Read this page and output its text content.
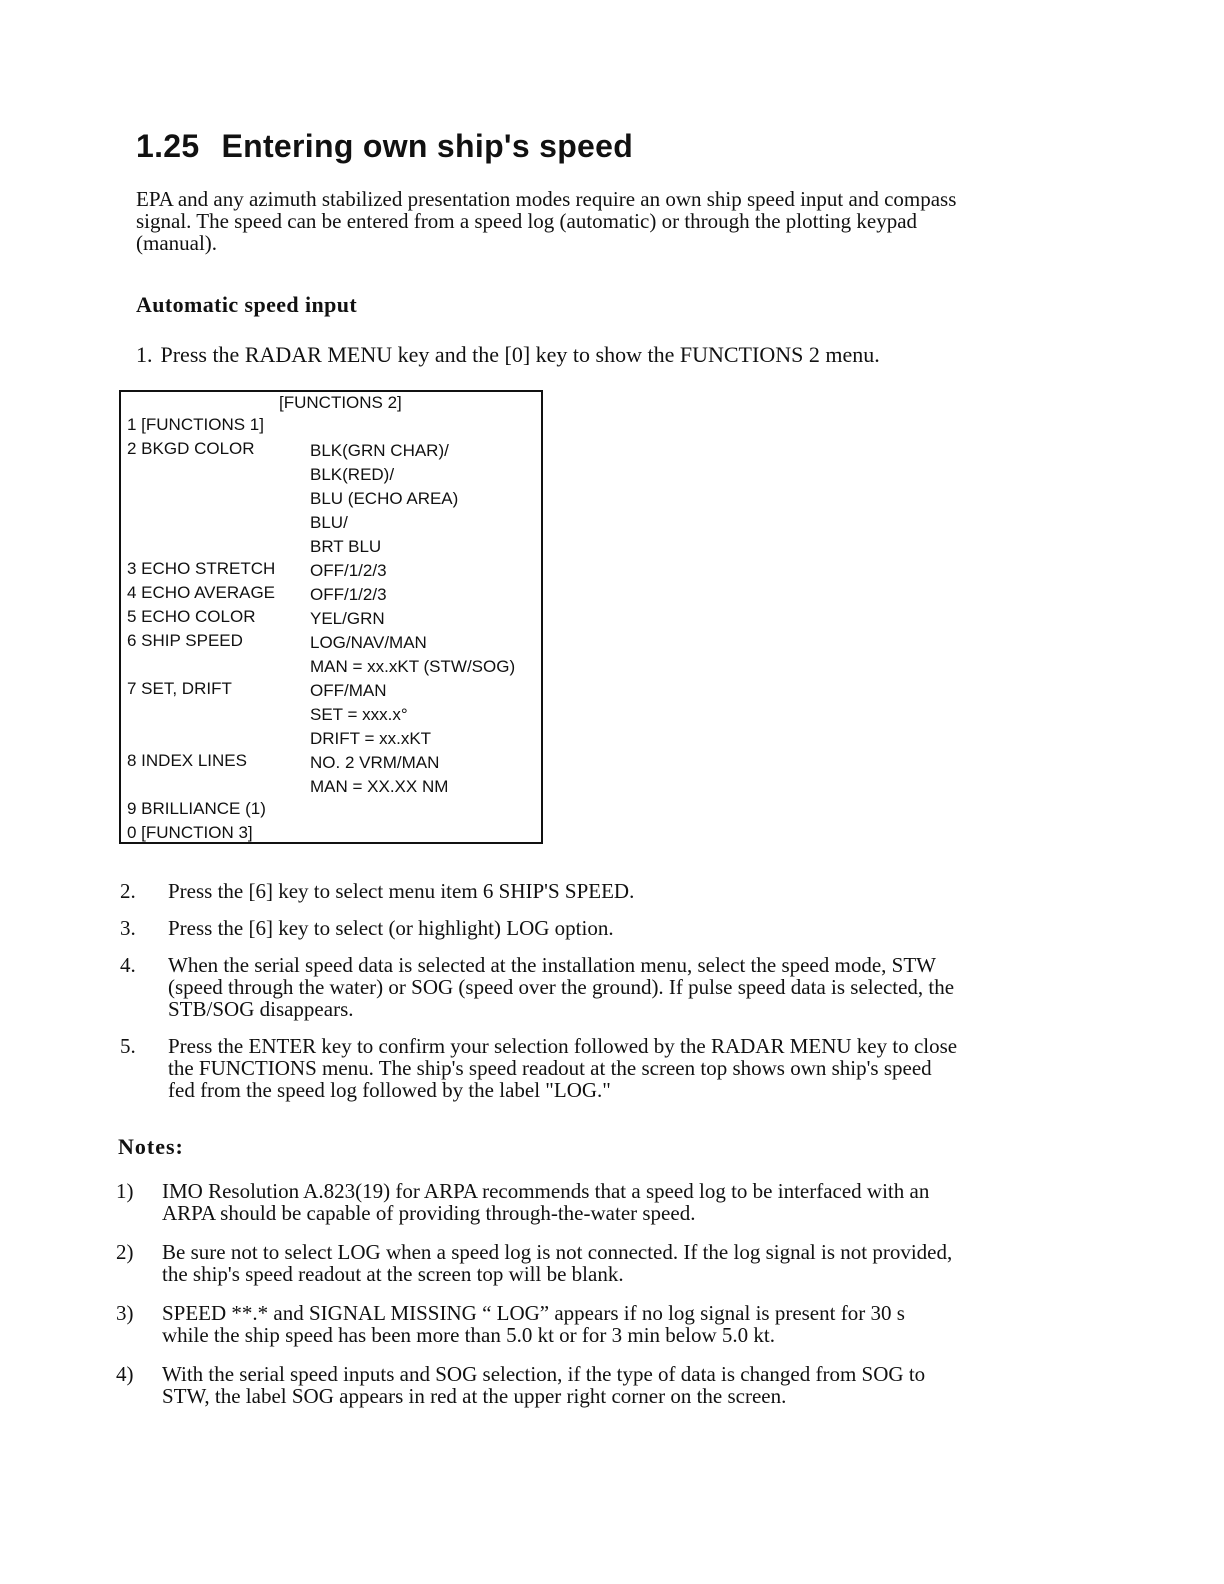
1.25 Entering own ship's speed
EPA and any azimuth stabilized presentation modes require an own ship speed input and compass
signal. The speed can be entered from a speed log (automatic) or through the plotting keypad
(manual).
Automatic speed input
1. Press the RADAR MENU key and the [0] key to show the FUNCTIONS 2 menu.
[FUNCTIONS 2]
1 [FUNCTIONS 1]
2 BKGD COLOR	BLK(GRN CHAR)/
BLK(RED)/
BLU (ECHO AREA)
BLU/
BRT BLU
3 ECHO STRETCH OFF/1/2/3
4 ECHO AVERAGE OFF/1/2/3
5 ECHO COLOR	YEL/GRN
6 SHIP SPEED	LOG/NAV/MAN
MAN = xx.xKT (STW/SOG)
7 SET, DRIFT	OFF/MAN
SET = xxx.x°
DRIFT = xx.xKT
8 INDEX LINES	NO. 2 VRM/MAN
MAN = XX.XX NM
9 BRILLIANCE (1)
0 [FUNCTION 3]
2. Press the [6] key to select menu item 6 SHIP'S SPEED.
3. Press the [6] key to select (or highlight) LOG option.
4. When the serial speed data is selected at the installation menu, select the speed mode, STW
(speed through the water) or SOG (speed over the ground). If pulse speed data is selected, the
STB/SOG disappears.
5. Press the ENTER key to confirm your selection followed by the RADAR MENU key to close
the FUNCTIONS menu. The ship's speed readout at the screen top shows own ship's speed
fed from the speed log followed by the label "LOG."
Notes:
1) IMO Resolution A.823(19) for ARPA recommends that a speed log to be interfaced with an
ARPA should be capable of providing through-the-water speed.
2) Be sure not to select LOG when a speed log is not connected. If the log signal is not provided,
the ship's speed readout at the screen top will be blank.
3) SPEED **.* and SIGNAL MISSING “ LOG” appears if no log signal is present for 30 s
while the ship speed has been more than 5.0 kt or for 3 min below 5.0 kt.
4) With the serial speed inputs and SOG selection, if the type of data is changed from SOG to
STW, the label SOG appears in red at the upper right corner on the screen.
